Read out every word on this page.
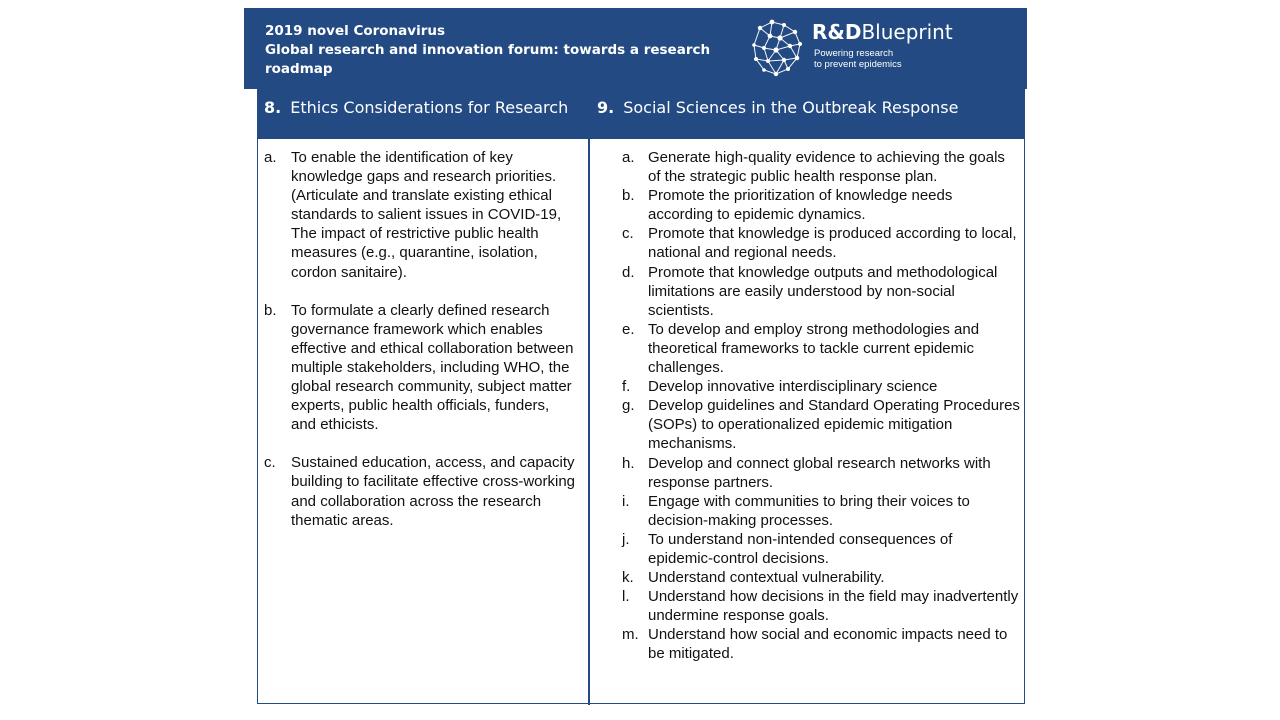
2019 novel Coronavirus
Global research and innovation forum: towards a research roadmap
R&DBlueprint
Powering research
to prevent epidemics
8. Ethics Considerations for Research	9. Social Sciences in the Outbreak Response
a. To enable the identification of key knowledge gaps and research priorities. (Articulate and translate existing ethical standards to salient issues in COVID-19, The impact of restrictive public health measures (e.g., quarantine, isolation, cordon sanitaire).
b. To formulate a clearly defined research governance framework which enables effective and ethical collaboration between multiple stakeholders, including WHO, the global research community, subject matter experts, public health officials, funders, and ethicists.
c. Sustained education, access, and capacity building to facilitate effective cross-working and collaboration across the research thematic areas.
a. Generate high-quality evidence to achieving the goals of the strategic public health response plan.
b. Promote the prioritization of knowledge needs according to epidemic dynamics.
c. Promote that knowledge is produced according to local, national and regional needs.
d. Promote that knowledge outputs and methodological limitations are easily understood by non-social scientists.
e. To develop and employ strong methodologies and theoretical frameworks to tackle current epidemic challenges.
f. Develop innovative interdisciplinary science
g. Develop guidelines and Standard Operating Procedures (SOPs) to operationalized epidemic mitigation mechanisms.
h. Develop and connect global research networks with response partners.
i. Engage with communities to bring their voices to decision-making processes.
j. To understand non-intended consequences of epidemic-control decisions.
k. Understand contextual vulnerability.
l. Understand how decisions in the field may inadvertently undermine response goals.
m. Understand how social and economic impacts need to be mitigated.
